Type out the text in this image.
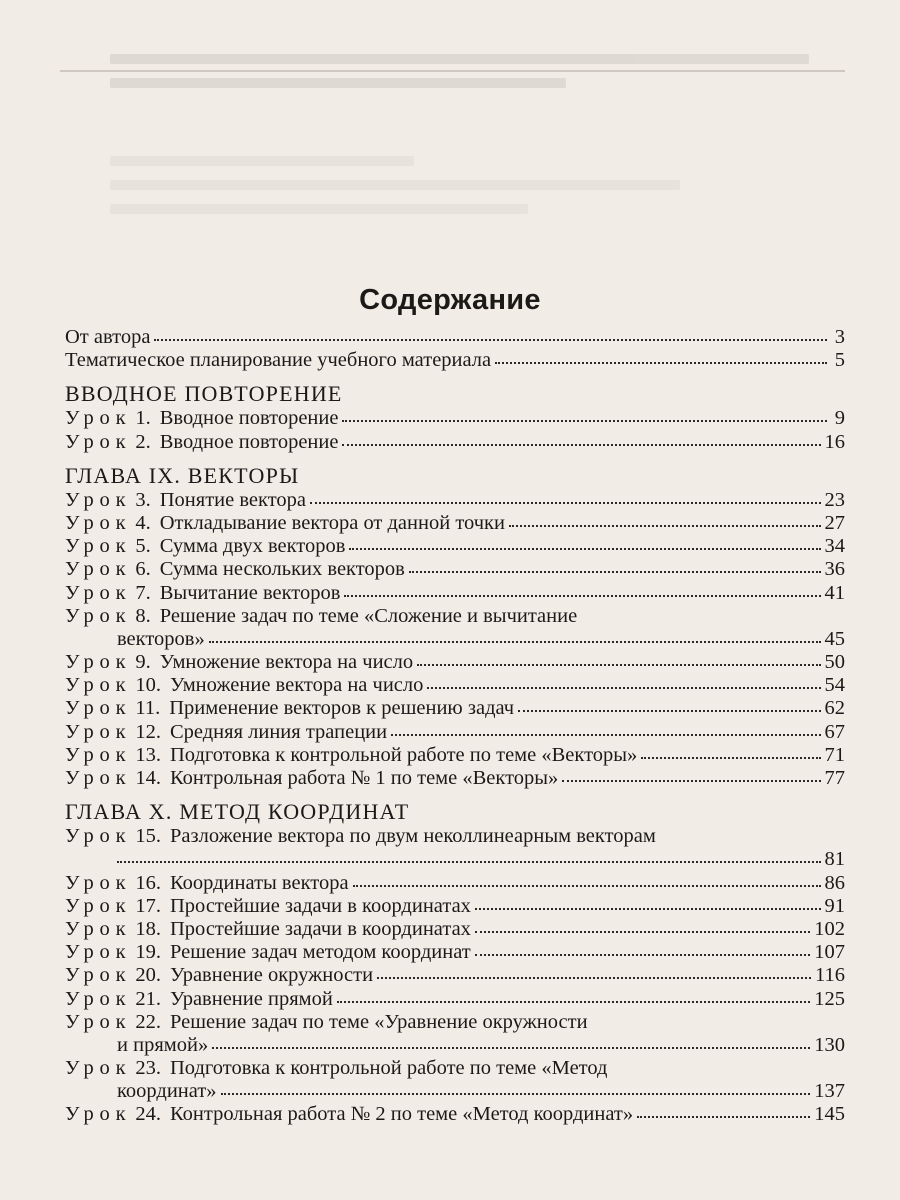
Содержание
От автора	3
Тематическое планирование учебного материала	5
ВВОДНОЕ ПОВТОРЕНИЕ
Урок 1. Вводное повторение	9
Урок 2. Вводное повторение	16
ГЛАВА IX. ВЕКТОРЫ
Урок 3. Понятие вектора	23
Урок 4. Откладывание вектора от данной точки	27
Урок 5. Сумма двух векторов	34
Урок 6. Сумма нескольких векторов	36
Урок 7. Вычитание векторов	41
Урок 8. Решение задач по теме «Сложение и вычитание
векторов»	45
Урок 9. Умножение вектора на число	50
Урок 10. Умножение вектора на число	54
Урок 11. Применение векторов к решению задач	62
Урок 12. Средняя линия трапеции	67
Урок 13. Подготовка к контрольной работе по теме «Векторы»	71
Урок 14. Контрольная работа № 1 по теме «Векторы»	77
ГЛАВА X. МЕТОД КООРДИНАТ
Урок 15. Разложение вектора по двум неколлинеарным векторам
81
Урок 16. Координаты вектора	86
Урок 17. Простейшие задачи в координатах	91
Урок 18. Простейшие задачи в координатах	102
Урок 19. Решение задач методом координат	107
Урок 20. Уравнение окружности	116
Урок 21. Уравнение прямой	125
Урок 22. Решение задач по теме «Уравнение окружности
и прямой»	130
Урок 23. Подготовка к контрольной работе по теме «Метод
координат»	137
Урок 24. Контрольная работа № 2 по теме «Метод координат»	145
